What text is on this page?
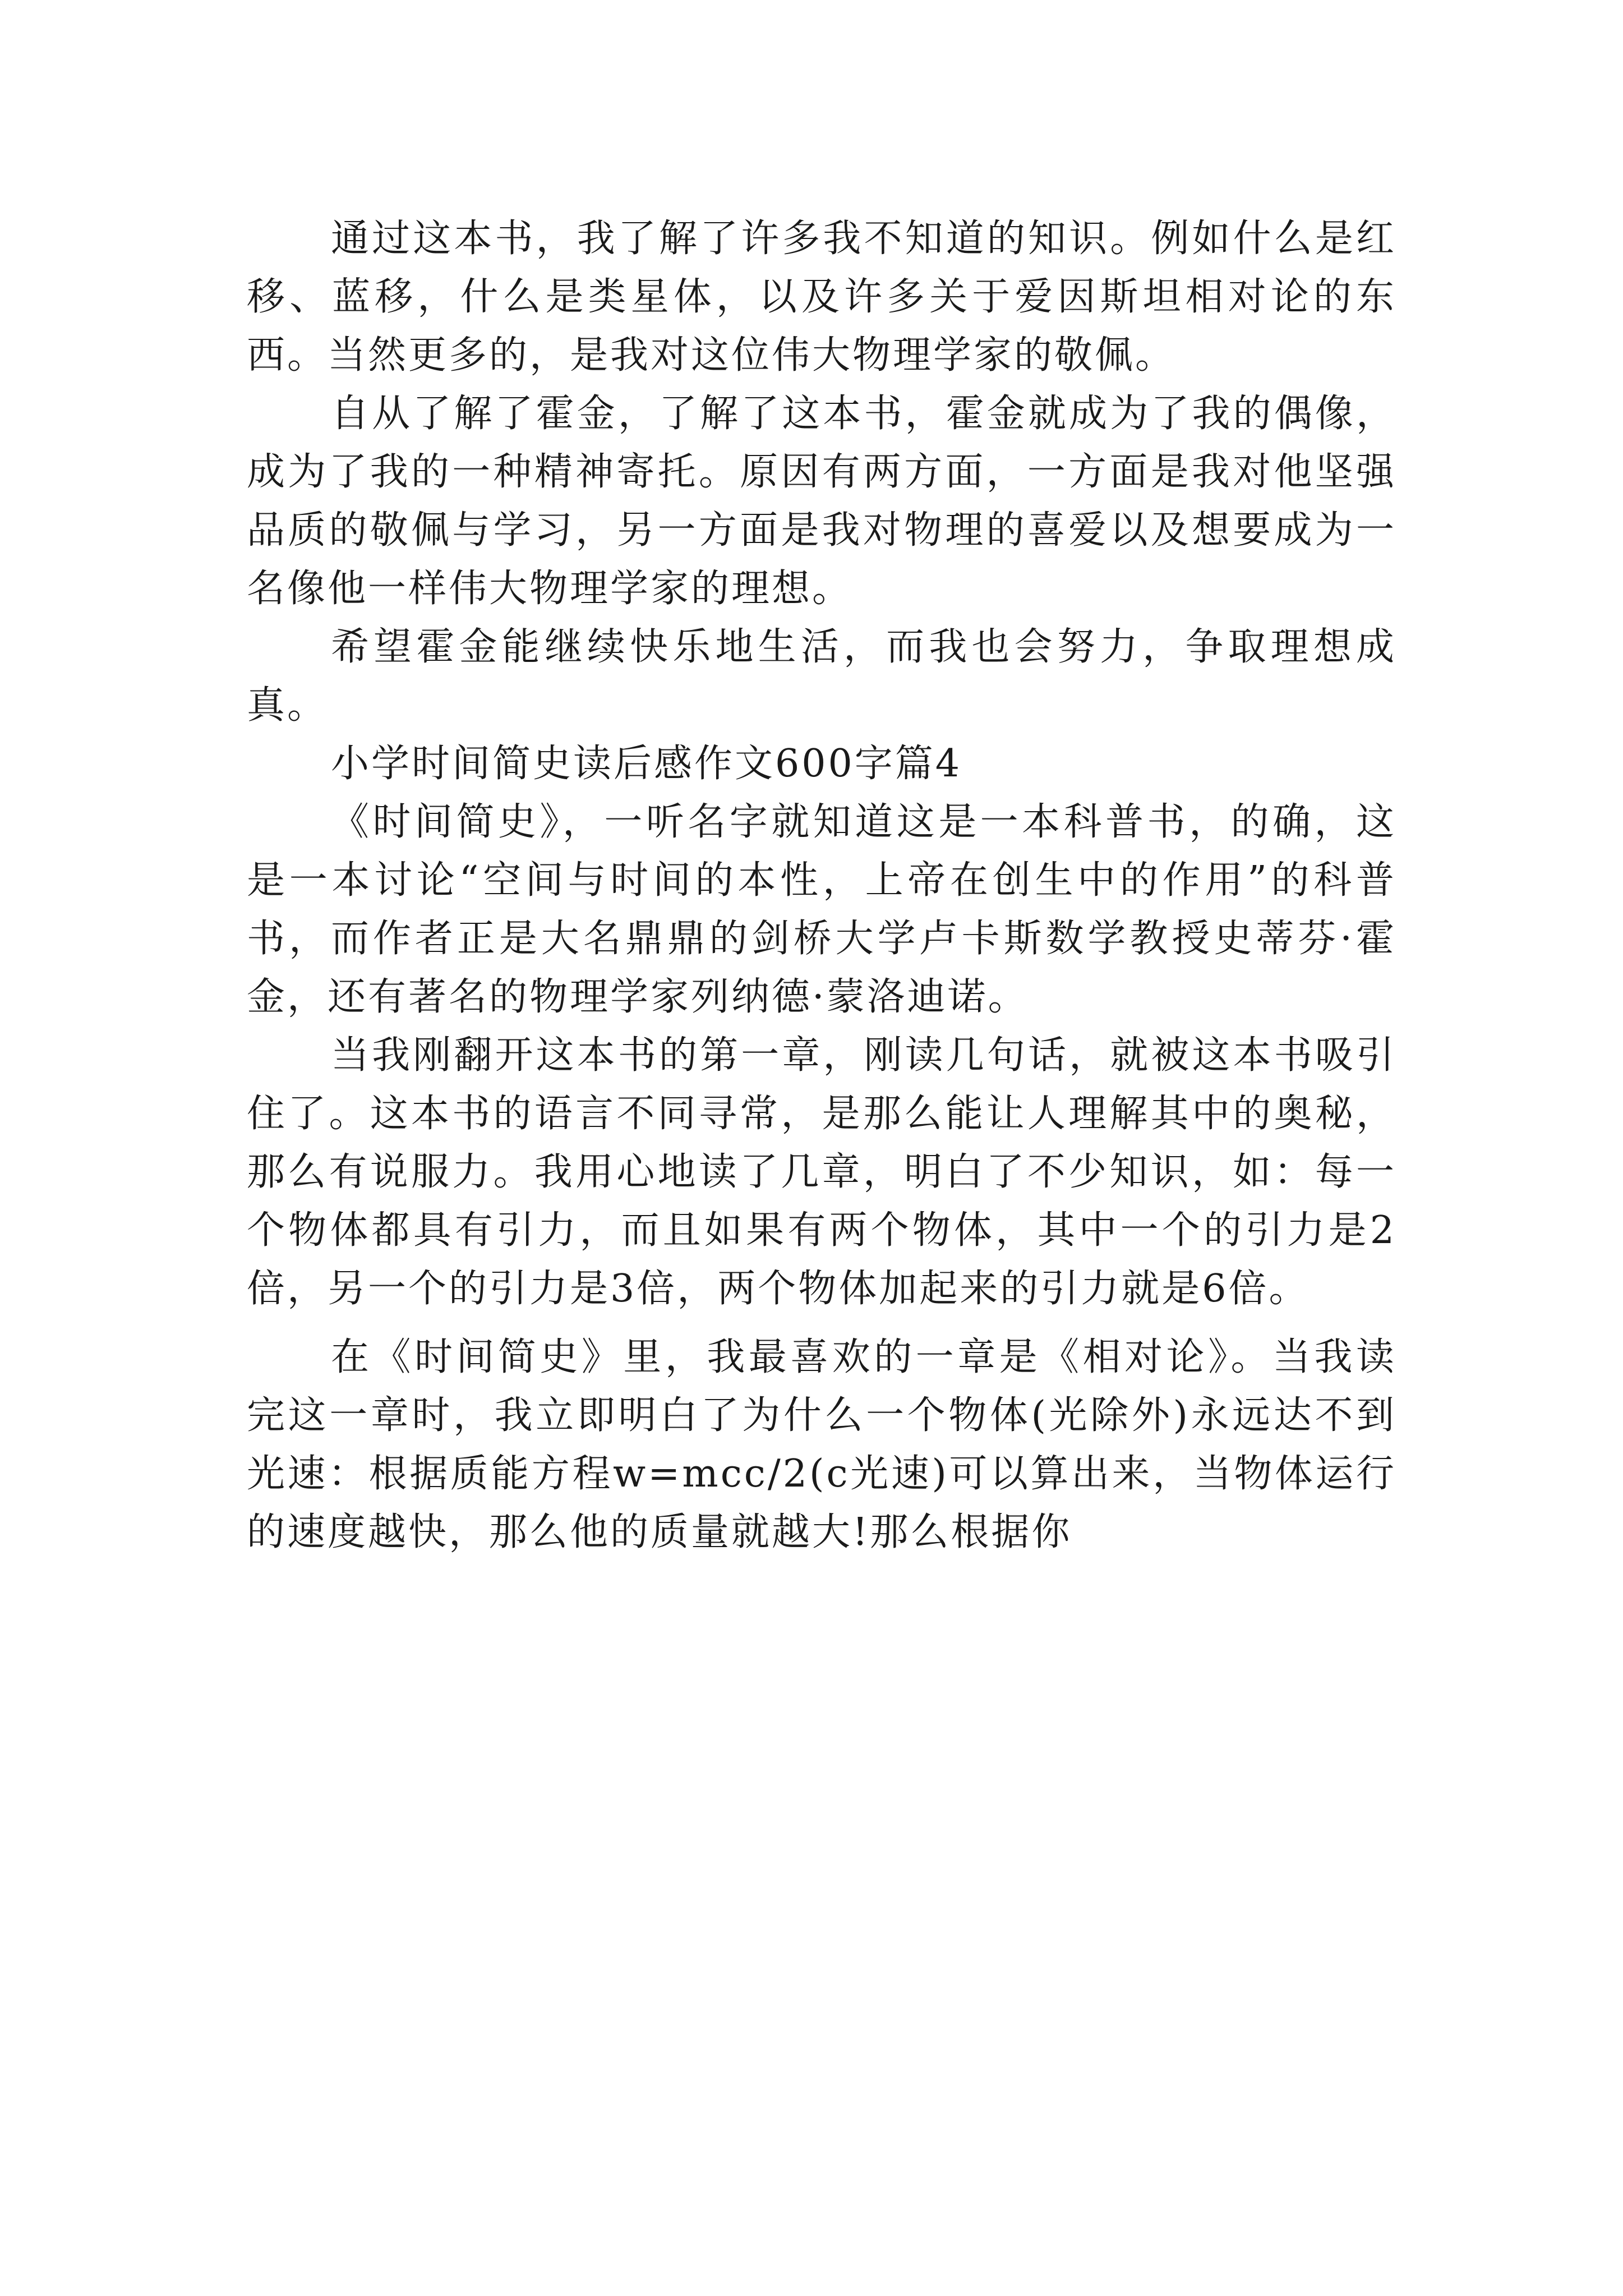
通过这本书，我了解了许多我不知道的知识。例如什么是红移、蓝移，什么是类星体，以及许多关于爱因斯坦相对论的东西。当然更多的，是我对这位伟大物理学家的敬佩。

自从了解了霍金，了解了这本书，霍金就成为了我的偶像，成为了我的一种精神寄托。原因有两方面，一方面是我对他坚强品质的敬佩与学习，另一方面是我对物理的喜爱以及想要成为一名像他一样伟大物理学家的理想。

希望霍金能继续快乐地生活，而我也会努力，争取理想成真。

小学时间简史读后感作文600字篇4

《时间简史》，一听名字就知道这是一本科普书，的确，这是一本讨论“空间与时间的本性，上帝在创生中的作用”的科普书，而作者正是大名鼎鼎的剑桥大学卢卡斯数学教授史蒂芬·霍金，还有著名的物理学家列纳德·蒙洛迪诺。

当我刚翻开这本书的第一章，刚读几句话，就被这本书吸引住了。这本书的语言不同寻常，是那么能让人理解其中的奥秘，那么有说服力。我用心地读了几章，明白了不少知识，如：每一个物体都具有引力，而且如果有两个物体，其中一个的引力是2倍，另一个的引力是3倍，两个物体加起来的引力就是6倍。

在《时间简史》里，我最喜欢的一章是《相对论》。当我读完这一章时，我立即明白了为什么一个物体(光除外)永远达不到光速：根据质能方程w=mcc/2(c光速)可以算出来，当物体运行的速度越快，那么他的质量就越大!那么根据你
